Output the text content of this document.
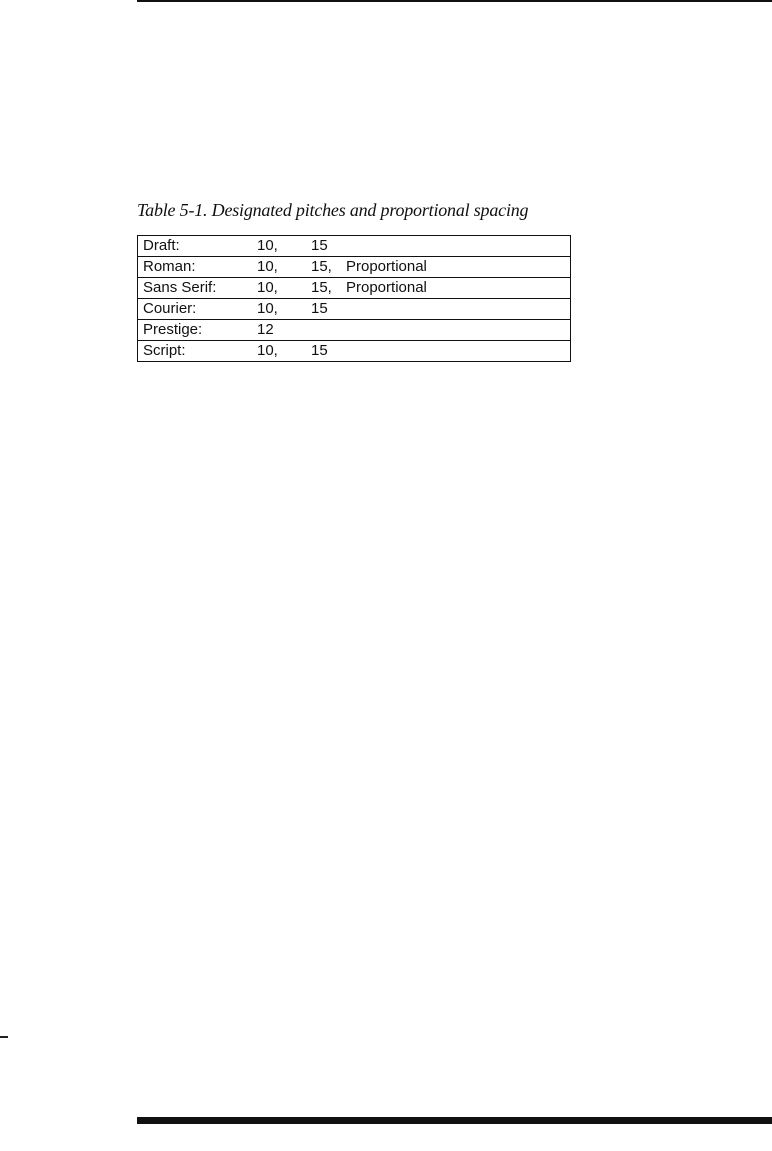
Table 5-1. Designated pitches and proportional spacing
Draft:	10,	15	
Roman:	10,	15,	Proportional
Sans Serif:	10,	15,	Proportional
Courier:	10,	15	
Prestige:	12		
Script:	10,	15	
